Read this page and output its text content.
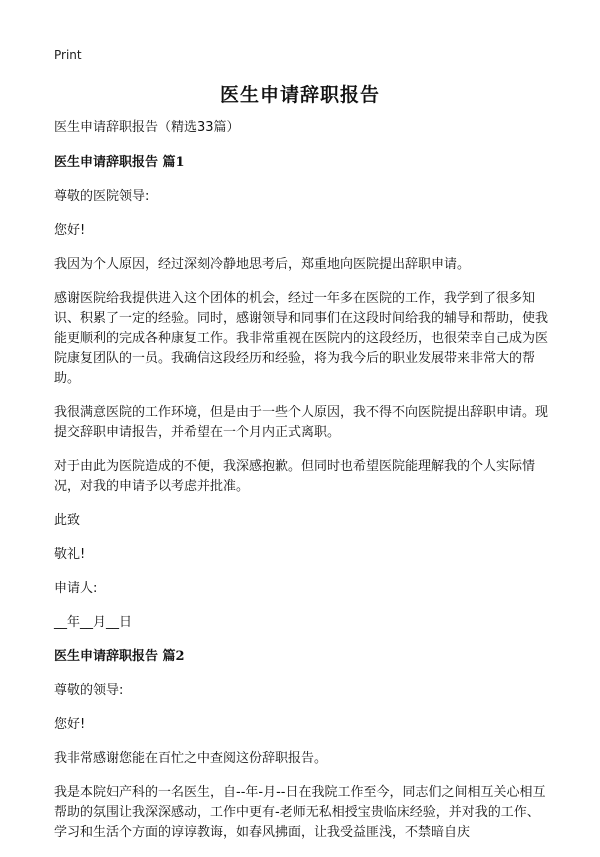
Print
医生申请辞职报告

医生申请辞职报告（精选33篇）

医生申请辞职报告 篇1

尊敬的医院领导:

您好!

我因为个人原因，经过深刻冷静地思考后，郑重地向医院提出辞职申请。

感谢医院给我提供进入这个团体的机会，经过一年多在医院的工作，我学到了很多知识、积累了一定的经验。同时，感谢领导和同事们在这段时间给我的辅导和帮助，使我能更顺利的完成各种康复工作。我非常重视在医院内的这段经历，也很荣幸自己成为医院康复团队的一员。我确信这段经历和经验，将为我今后的职业发展带来非常大的帮助。

我很满意医院的工作环境，但是由于一些个人原因，我不得不向医院提出辞职申请。现提交辞职申请报告，并希望在一个月内正式离职。

对于由此为医院造成的不便，我深感抱歉。但同时也希望医院能理解我的个人实际情况，对我的申请予以考虑并批准。

此致

敬礼!

申请人:

__年__月__日

医生申请辞职报告 篇2

尊敬的领导:

您好!

我非常感谢您能在百忙之中查阅这份辞职报告。

我是本院妇产科的一名医生，自--年-月--日在我院工作至今，同志们之间相互关心相互帮助的氛围让我深深感动，工作中更有-老师无私相授宝贵临床经验，并对我的工作、学习和生活个方面的谆谆教诲，如春风拂面，让我受益匪浅，不禁暗自庆
